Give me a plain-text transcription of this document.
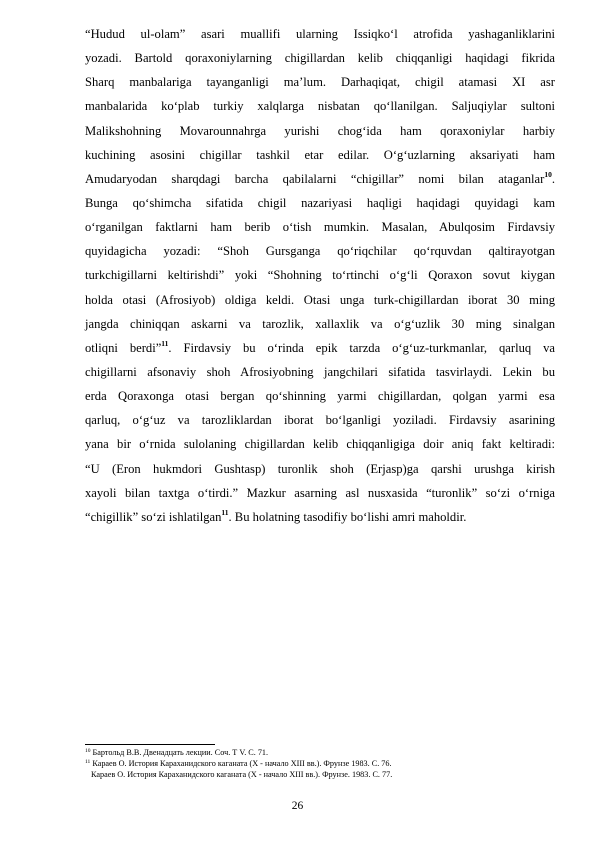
“Hudud ul-olam” asari muallifi ularning Issiqko‘l atrofida yashaganliklarini
yozadi. Bartold qoraxoniylarning chigillardan kelib chiqqanligi haqidagi fikrida
Sharq manbalariga tayanganligi ma’lum. Darhaqiqat, chigil atamasi XI asr
manbalarida ko‘plab turkiy xalqlarga nisbatan qo‘llanilgan. Saljuqiylar sultoni
Malikshohning Movarounnahrga yurishi chog‘ida ham qoraxoniylar harbiy
kuchining asosini chigillar tashkil etar edilar. O‘g‘uzlarning aksariyati ham
Amudaryodan sharqdagi barcha qabilalarni “chigillar” nomi bilan ataganlar$^{10}$.
Bunga qo‘shimcha sifatida chigil nazariyasi haqligi haqidagi quyidagi kam
o‘rganilgan faktlarni ham berib o‘tish mumkin. Masalan, Abulqosim Firdavsiy
quyidagicha yozadi: “Shoh Gursganga qo‘riqchilar qo‘rquvdan qaltirayotgan
turkchigillarni keltirishdi” yoki “Shohning to‘rtinchi o‘g‘li Qoraxon sovut kiygan
holda otasi (Afrosiyob) oldiga keldi. Otasi unga turk-chigillardan iborat 30 ming
jangda chiniqqan askarni va tarozlik, xallaxlik va o‘g‘uzlik 30 ming sinalgan
otliqni berdi”$^{11}$. Firdavsiy bu o‘rinda epik tarzda o‘g‘uz-turkmanlar, qarluq va
chigillarni afsonaviy shoh Afrosiyobning jangchilari sifatida tasvirlaydi. Lekin bu
erda Qoraxonga otasi bergan qo‘shinning yarmi chigillardan, qolgan yarmi esa
qarluq, o‘g‘uz va tarozliklardan iborat bo‘lganligi yoziladi. Firdavsiy asarining
yana bir o‘rnida sulolaning chigillardan kelib chiqqanligiga doir aniq fakt keltiradi:
“U (Eron hukmdori Gushtasp) turonlik shoh (Erjasp)ga qarshi urushga kirish
xayoli bilan taxtga o‘tirdi.” Mazkur asarning asl nusxasida “turonlik” so‘zi o‘rniga
“chigillik” so‘zi ishlatilgan$^{11}$. Bu holatning tasodifiy bo‘lishi amri maholdir.
$^{10}$ Бартольд В.В. Двенадцать лекции. Соч. Т V. С. 71.
$^{11}$ Караев О. История Караханидского каганата (X - начало XIII вв.). Фрунзе 1983. С. 76.
Караев О. История Караханидского каганата (X - начало XIII вв.). Фрунзе. 1983. С. 77.
26
